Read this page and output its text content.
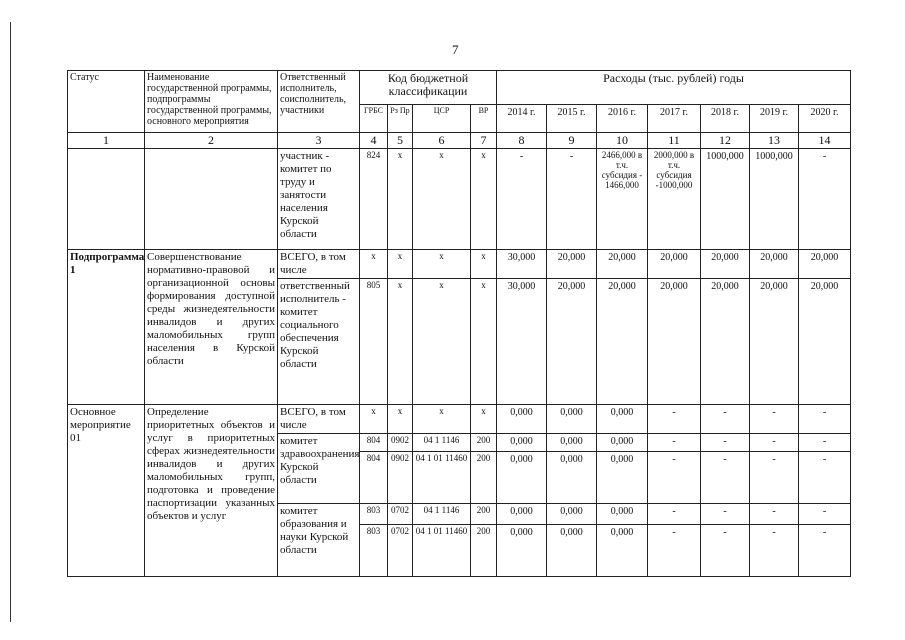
7
Статус	Наименование государственной программы, подпрограммы государственной программы, основного мероприятия	Ответственный исполнитель, соисполнитель, участники	Код бюджетной классификации				Расходы (тыс. рублей) годы						
			ГРБС	Рз Пр	ЦСР	ВР	2014 г.	2015 г.	2016 г.	2017 г.	2018 г.	2019 г.	2020 г.
1	2	3	4	5	6	7	8	9	10	11	12	13	14
		участник - комитет по труду и занятости населения Курской области	824	x	x	x	-	-	2466,000 в т.ч. субсидия - 1466,000	2000,000 в т.ч. субсидия -1000,000	1000,000	1000,000	-
Подпрограмма 1	Совершенствование нормативно-правовой и организационной основы формирования доступной среды жизнедеятельности инвалидов и других маломобильных групп населения в Курской области	ВСЕГО, в том числе	x	x	x	x	30,000	20,000	20,000	20,000	20,000	20,000	20,000
		ответственный исполнитель - комитет социального обеспечения Курской области	805	x	x	x	30,000	20,000	20,000	20,000	20,000	20,000	20,000
Основное мероприятие 01	Определение приоритетных объектов и услуг в приоритетных сферах жизнедеятельности инвалидов и других маломобильных групп, подготовка и проведение паспортизации указанных объектов и услуг	ВСЕГО, в том числе	x	x	x	x	0,000	0,000	0,000	-	-	-	-
		комитет здравоохранения Курской области	804	0902	04 1 1146	200	0,000	0,000	0,000	-	-	-	-
			804	0902	04 1 01 11460	200	0,000	0,000	0,000	-	-	-	-
		комитет образования и науки Курской области	803	0702	04 1 1146	200	0,000	0,000	0,000	-	-	-	-
			803	0702	04 1 01 11460	200	0,000	0,000	0,000	-	-	-	-
